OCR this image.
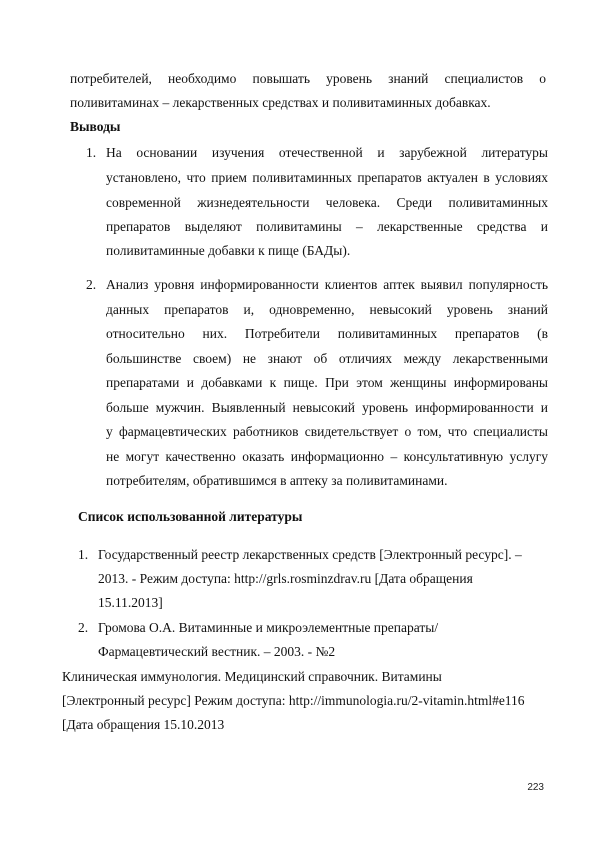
потребителей, необходимо повышать уровень знаний специалистов о
поливитаминах – лекарственных средствах и поливитаминных добавках.
Выводы
1. На основании изучения отечественной и зарубежной литературы
установлено, что прием поливитаминных препаратов актуален в условиях
современной жизнедеятельности человека. Среди поливитаминных
препаратов выделяют поливитамины – лекарственные средства и
поливитаминные добавки к пище (БАДы).
2. Анализ уровня информированности клиентов аптек выявил популярность
данных препаратов и, одновременно, невысокий уровень знаний
относительно них. Потребители поливитаминных препаратов (в
большинстве своем) не знают об отличиях между лекарственными
препаратами и добавками к пище. При этом женщины информированы
больше мужчин. Выявленный невысокий уровень информированности и
у фармацевтических работников свидетельствует о том, что специалисты
не могут качественно оказать информационно – консультативную услугу
потребителям, обратившимся в аптеку за поливитаминами.
Список использованной литературы
1. Государственный реестр лекарственных средств [Электронный ресурс]. –
2013. - Режим доступа: http://grls.rosminzdrav.ru [Дата обращения
15.11.2013]
2. Громова О.А. Витаминные и микроэлементные препараты/
Фармацевтический вестник. – 2003. - №2
Клиническая иммунология. Медицинский справочник. Витамины
[Электронный ресурс] Режим доступа: http://immunologia.ru/2-vitamin.html#e116
[Дата обращения 15.10.2013
223
